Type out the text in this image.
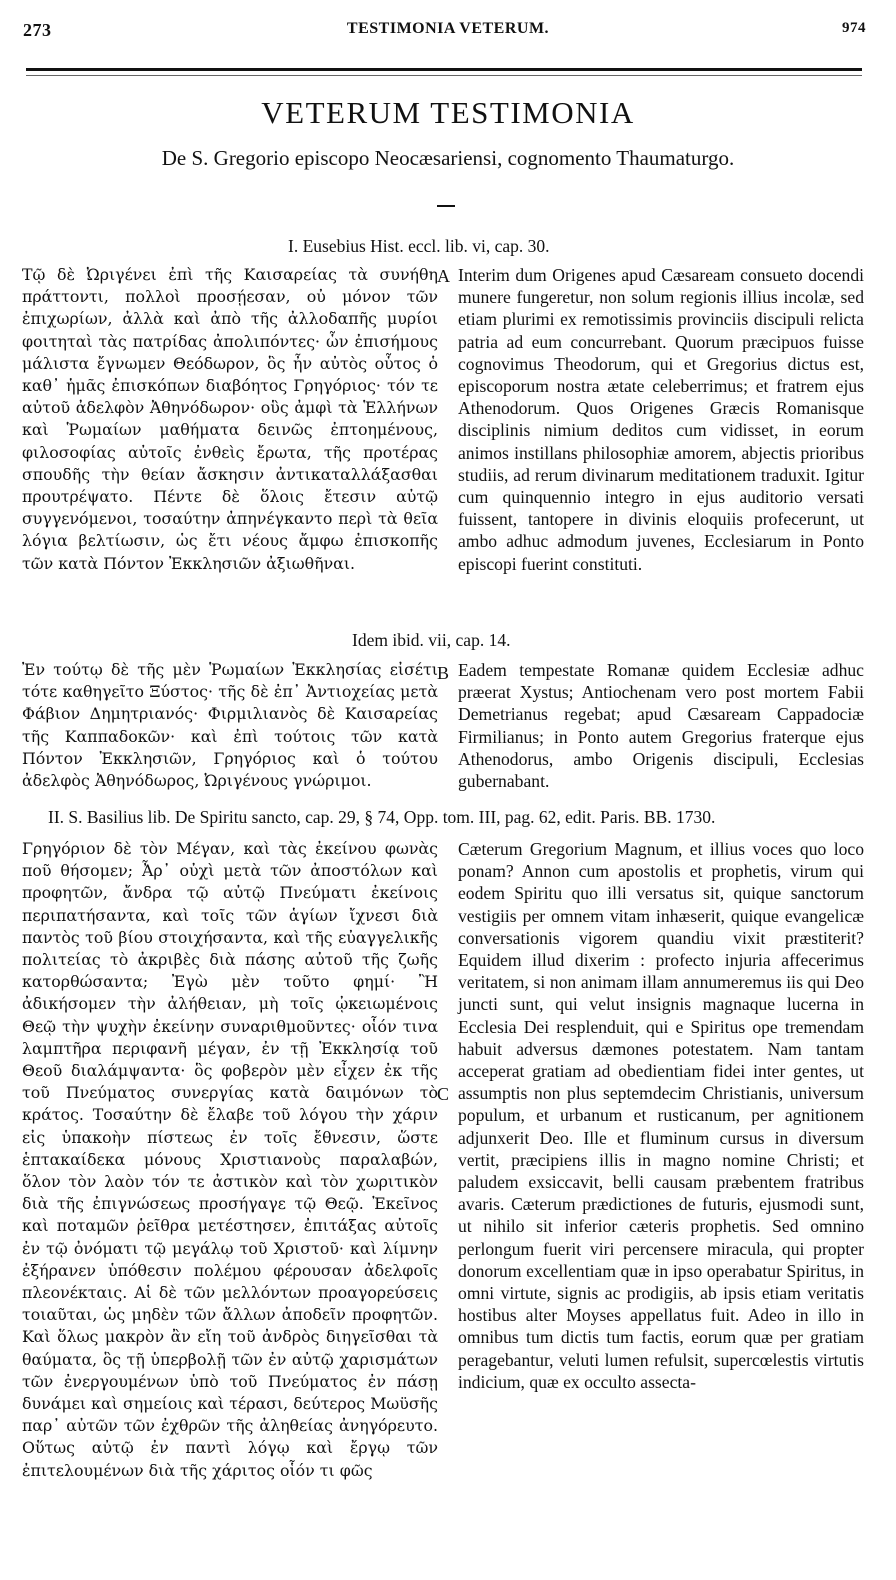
273	TESTIMONIA VETERUM.	974
VETERUM TESTIMONIA
De S. Gregorio episcopo Neocæsariensi, cognomento Thaumaturgo.
I. Eusebius Hist. eccl. lib. vi, cap. 30.

Τῷ δὲ Ὠριγένει ἐπὶ τῆς Καισαρείας τὰ συνήθη πράττοντι, πολλοὶ προσῄεσαν, οὐ μόνον τῶν ἐπιχωρίων, ἀλλὰ καὶ ἀπὸ τῆς ἀλλοδαπῆς μυρίοι φοιτηταὶ τὰς πατρίδας ἀπολιπόντες· ὧν ἐπισήμους μάλιστα ἔγνωμεν Θεόδωρον, ὃς ἦν αὐτὸς οὗτος ὁ καθ᾽ ἡμᾶς ἐπισκόπων διαβόητος Γρηγόριος· τόν τε αὐτοῦ ἀδελφὸν Ἀθηνόδωρον· οὓς ἀμφὶ τὰ Ἑλλήνων καὶ Ῥωμαίων μαθήματα δεινῶς ἐπτοημένους, φιλοσοφίας αὐτοῖς ἐνθεὶς ἔρωτα, τῆς προτέρας σπουδῆς τὴν θείαν ἄσκησιν ἀντικαταλλάξασθαι προυτρέψατο. Πέντε δὲ ὅλοις ἔτεσιν αὐτῷ συγγενόμενοι, τοσαύτην ἀπηνέγκαντο περὶ τὰ θεῖα λόγια βελτίωσιν, ὡς ἔτι νέους ἄμφω ἐπισκοπῆς τῶν κατὰ Πόντον Ἐκκλησιῶν ἀξιωθῆναι.

A Interim dum Origenes apud Cæsaream consueto docendi munere fungeretur, non solum regionis illius incolæ, sed etiam plurimi ex remotissimis provinciis discipuli relicta patria ad eum concurrebant. Quorum præcipuos fuisse cognovimus Theodorum, qui et Gregorius dictus est, episcoporum nostra ætate celeberrimus; et fratrem ejus Athenodorum. Quos Origenes Græcis Romanisque disciplinis nimium deditos cum vidisset, in eorum animos instillans philosophiæ amorem, abjectis prioribus studiis, ad rerum divinarum meditationem traduxit. Igitur cum quinquennio integro in ejus auditorio versati fuissent, tantopere in divinis eloquiis profecerunt, ut ambo adhuc admodum juvenes, Ecclesiarum in Ponto episcopi fuerint constituti.

Idem ibid. vii, cap. 14.

Ἐν τούτῳ δὲ τῆς μὲν Ῥωμαίων Ἐκκλησίας εἰσέτι τότε καθηγεῖτο Ξύστος· τῆς δὲ ἐπ᾽ Ἀντιοχείας μετὰ Φάβιον Δημητριανός· Φιρμιλιανὸς δὲ Καισαρείας τῆς Καππαδοκῶν· καὶ ἐπὶ τούτοις τῶν κατὰ Πόντον Ἐκκλησιῶν, Γρηγόριος καὶ ὁ τούτου ἀδελφὸς Ἀθηνόδωρος, Ὠριγένους γνώριμοι.

B Eadem tempestate Romanæ quidem Ecclesiæ adhuc præerat Xystus; Antiochenam vero post mortem Fabii Demetrianus regebat; apud Cæsaream Cappadociæ Firmilianus; in Ponto autem Gregorius fraterque ejus Athenodorus, ambo Origenis discipuli, Ecclesias gubernabant.

II. S. Basilius lib. De Spiritu sancto, cap. 29, § 74, Opp. tom. III, pag. 62, edit. Paris. BB. 1730.

Γρηγόριον δὲ τὸν Μέγαν, καὶ τὰς ἐκείνου φωνὰς ποῦ θήσομεν; Ἆρ᾽ οὐχὶ μετὰ τῶν ἀποστόλων καὶ προφητῶν, ἄνδρα τῷ αὐτῷ Πνεύματι ἐκείνοις περιπατήσαντα, καὶ τοῖς τῶν ἁγίων ἴχνεσι διὰ παντὸς τοῦ βίου στοιχήσαντα, καὶ τῆς εὐαγγελικῆς πολιτείας τὸ ἀκριβὲς διὰ πάσης αὐτοῦ τῆς ζωῆς κατορθώσαντα; Ἐγὼ μὲν τοῦτο φημί· Ἢ ἀδικήσομεν τὴν ἀλήθειαν, μὴ τοῖς ᾠκειωμένοις Θεῷ τὴν ψυχὴν ἐκείνην συναριθμοῦντες· οἷόν τινα λαμπτῆρα περιφανῆ μέγαν, ἐν τῇ Ἐκκλησίᾳ τοῦ Θεοῦ διαλάμψαντα· ὃς φοβερὸν μὲν εἶχεν ἐκ τῆς τοῦ Πνεύματος συνεργίας κατὰ δαιμόνων τὸ κράτος. Τοσαύτην δὲ ἔλαβε τοῦ λόγου τὴν χάριν εἰς ὑπακοὴν πίστεως ἐν τοῖς ἔθνεσιν, ὥστε ἑπτακαίδεκα μόνους Χριστιανοὺς παραλαβών, ὅλον τὸν λαὸν τόν τε ἀστικὸν καὶ τὸν χωριτικὸν διὰ τῆς ἐπιγνώσεως προσήγαγε τῷ Θεῷ. Ἐκεῖνος καὶ ποταμῶν ῥεῖθρα μετέστησεν, ἐπιτάξας αὐτοῖς ἐν τῷ ὀνόματι τῷ μεγάλῳ τοῦ Χριστοῦ· καὶ λίμνην ἐξήρανεν ὑπόθεσιν πολέμου φέρουσαν ἀδελφοῖς πλεονέκταις. Αἱ δὲ τῶν μελλόντων προαγορεύσεις τοιαῦται, ὡς μηδὲν τῶν ἄλλων ἀποδεῖν προφητῶν. Καὶ ὅλως μακρὸν ἂν εἴη τοῦ ἀνδρὸς διηγεῖσθαι τὰ θαύματα, ὃς τῇ ὑπερβολῇ τῶν ἐν αὐτῷ χαρισμάτων τῶν ἐνεργουμένων ὑπὸ τοῦ Πνεύματος ἐν πάσῃ δυνάμει καὶ σημείοις καὶ τέρασι, δεύτερος Μωϋσῆς παρ᾽ αὐτῶν τῶν ἐχθρῶν τῆς ἀληθείας ἀνηγόρευτο. Οὕτως αὐτῷ ἐν παντὶ λόγῳ καὶ ἔργῳ τῶν ἐπιτελουμένων διὰ τῆς χάριτος οἷόν τι φῶς

C

Cæterum Gregorium Magnum, et illius voces quo loco ponam? Annon cum apostolis et prophetis, virum qui eodem Spiritu quo illi versatus sit, quique sanctorum vestigiis per omnem vitam inhæserit, quique evangelicæ conversationis vigorem quandiu vixit præstiterit? Equidem illud dixerim : profecto injuria affecerimus veritatem, si non animam illam annumeremus iis qui Deo juncti sunt, qui velut insignis magnaque lucerna in Ecclesia Dei resplenduit, qui e Spiritus ope tremendam habuit adversus dæmones potestatem. Nam tantam acceperat gratiam ad obedientiam fidei inter gentes, ut assumptis non plus septemdecim Christianis, universum populum, et urbanum et rusticanum, per agnitionem adjunxerit Deo. Ille et fluminum cursus in diversum vertit, præcipiens illis in magno nomine Christi; et paludem exsiccavit, belli causam præbentem fratribus avaris. Cæterum prædictiones de futuris, ejusmodi sunt, ut nihilo sit inferior cæteris prophetis. Sed omnino perlongum fuerit viri percensere miracula, qui propter donorum excellentiam quæ in ipso operabatur Spiritus, in omni virtute, signis ac prodigiis, ab ipsis etiam veritatis hostibus alter Moyses appellatus fuit. Adeo in illo in omnibus tum dictis tum factis, eorum quæ per gratiam peragebantur, veluti lumen refulsit, supercœlestis virtutis indicium, quæ ex occulto assecta-
